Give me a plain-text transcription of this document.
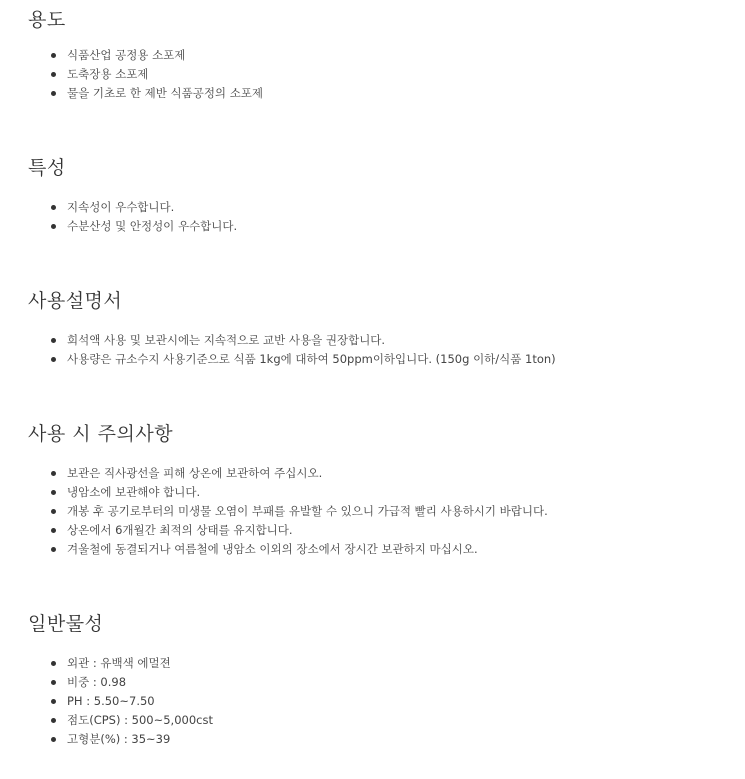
용도
식품산업 공정용 소포제
도축장용 소포제
물을 기초로 한 제반 식품공정의 소포제
특성
지속성이 우수합니다.
수분산성 및 안정성이 우수합니다.
사용설명서
희석액 사용 및 보관시에는 지속적으로 교반 사용을 권장합니다.
사용량은 규소수지 사용기준으로 식품 1kg에 대하여 50ppm이하입니다. (150g 이하/식품 1ton)
사용 시 주의사항
보관은 직사광선을 피해 상온에 보관하여 주십시오.
냉암소에 보관해야 합니다.
개봉 후 공기로부터의 미생물 오염이 부패를 유발할 수 있으니 가급적 빨리 사용하시기 바랍니다.
상온에서 6개월간 최적의 상태를 유지합니다.
겨울철에 동결되거나 여름철에 냉암소 이외의 장소에서 장시간 보관하지 마십시오.
일반물성
외관 : 유백색 에멀젼
비중 : 0.98
PH : 5.50~7.50
점도(CPS) : 500~5,000cst
고형분(%) : 35~39
